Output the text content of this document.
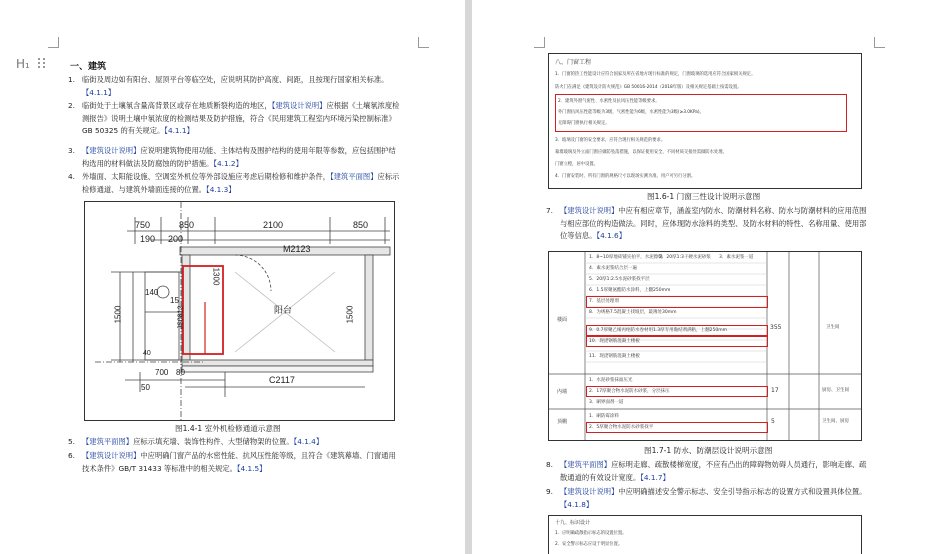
H₁	一、建筑
1. 临街及周边如有阳台、屋顶平台等临空处，应说明其防护高度、间距，且按现行国家相关标准。【4.1.1】
2. 临街处于土壤氡含量高背景区或存在地质断裂构造的地区，【建筑设计说明】应根据《土壤氡浓度检测报告》说明土壤中氡浓度的检测结果及防护措施，符合《民用建筑工程室内环境污染控制标准》GB 50325 的有关规定。【4.1.1】
3. 【建筑设计说明】应说明建筑物使用功能、主体结构及围护结构的使用年限等参数，应包括围护结构选用的材料做法及防腐蚀的防护措施。【4.1.2】
4. 外墙面、太阳能设施、空调室外机位等外部设施应考虑后期检修和维护条件，【建筑平面图】应标示检修通道、与建筑外墙面连接的位置。【4.1.3】
750	850	2100	850
190 200
M2123
140
15
1300
1500	1500
阳台
JS0812
40
700
50
80
C2117
图1.4-1 室外机检修通道示意图
5. 【建筑平面图】应标示填充墙、装饰性构件、大型储物架的位置。【4.1.4】
6. 【建筑设计说明】中应明确门窗产品的水密性能、抗风压性能等级，且符合《建筑幕墙、门窗通用技术条件》GB/T 31433 等标准中的相关规定。【4.1.5】
八、门窗工程
1．门窗的热工性能设计应符合国家及所在省地方现行标准的规定，门窗玻璃的选用应符合国家相关规定。
防火门在满足《建筑设计防火规范》GB 50016-2014（2018年版）及相关规定基础上按需设置。
2．建筑外窗气密性、水密性及抗风压性能等级要求。
外门窗抗风压性能等级为3级，气密性能为6级，水密性能为3级(≥3.0KPa)。
无障碍门窗执行相关规定。
3．玻璃及门窗的安全要求，应符合现行相关规范的要求。
幕墙玻璃及外立面门窗应做防坠落措施，以保证使用安全，不同材质交接处需做防水处理。
门窗立樘，居中设置。
4．门窗安装时，所有门窗的规格尺寸以现场实测为准，用户可另行分割。
图1.6-1 门窗三性设计说明示意图
7. 【建筑设计说明】中应有相应章节，涵盖室内防水、防潮材料名称、防水与防潮材料的应用范围与相应部位的构造做法。同时，应体现防水涂料的类型、及防水材料的特性、名称用量、使用部位等信息。【4.1.6】
楼面
1．8~10厚地砖铺实拍平，水泥擦缝
2．20厚1:3干硬水泥砂浆 3．素水泥浆一道
4．素水泥浆结合层一遍
5．20厚1:2.5水泥砂浆找平层
6．1.5厚聚氨酯防水涂料，上翻250mm
7．基层处理剂
8．为规格7.5混凝土找坡层，最薄处30mm
9．0.7厚聚乙烯丙纶防水卷材用1.3厚专用黏结剂满粘，上翻250mm
10．现浇钢筋混凝土楼板
11．现浇钢筋混凝土楼板
355	卫生间
内墙
1．水泥砂浆抹面压光
2．17厚聚合物水泥防水砂浆，分层抹压
3．刷界面剂一道
17	厨房、卫生间
顶棚
1．刷防霉涂料
2．5厚聚合物水泥防水砂浆找平
5	卫生间、厨房
图1.7-1 防水、防潮层设计说明示意图
8. 【建筑平面图】应标明走廊、疏散楼梯宽度，不应有凸出的障碍物妨碍人员通行，影响走廊、疏散通道的有效设计宽度。【4.1.7】
9. 【建筑设计说明】中应明确描述安全警示标志、安全引导指示标志的设置方式和设置具体位置。【4.1.8】
十九、标识设计
1．应明确疏散指示标志的设置位置。
2．安全警示标志应设于明显位置。
